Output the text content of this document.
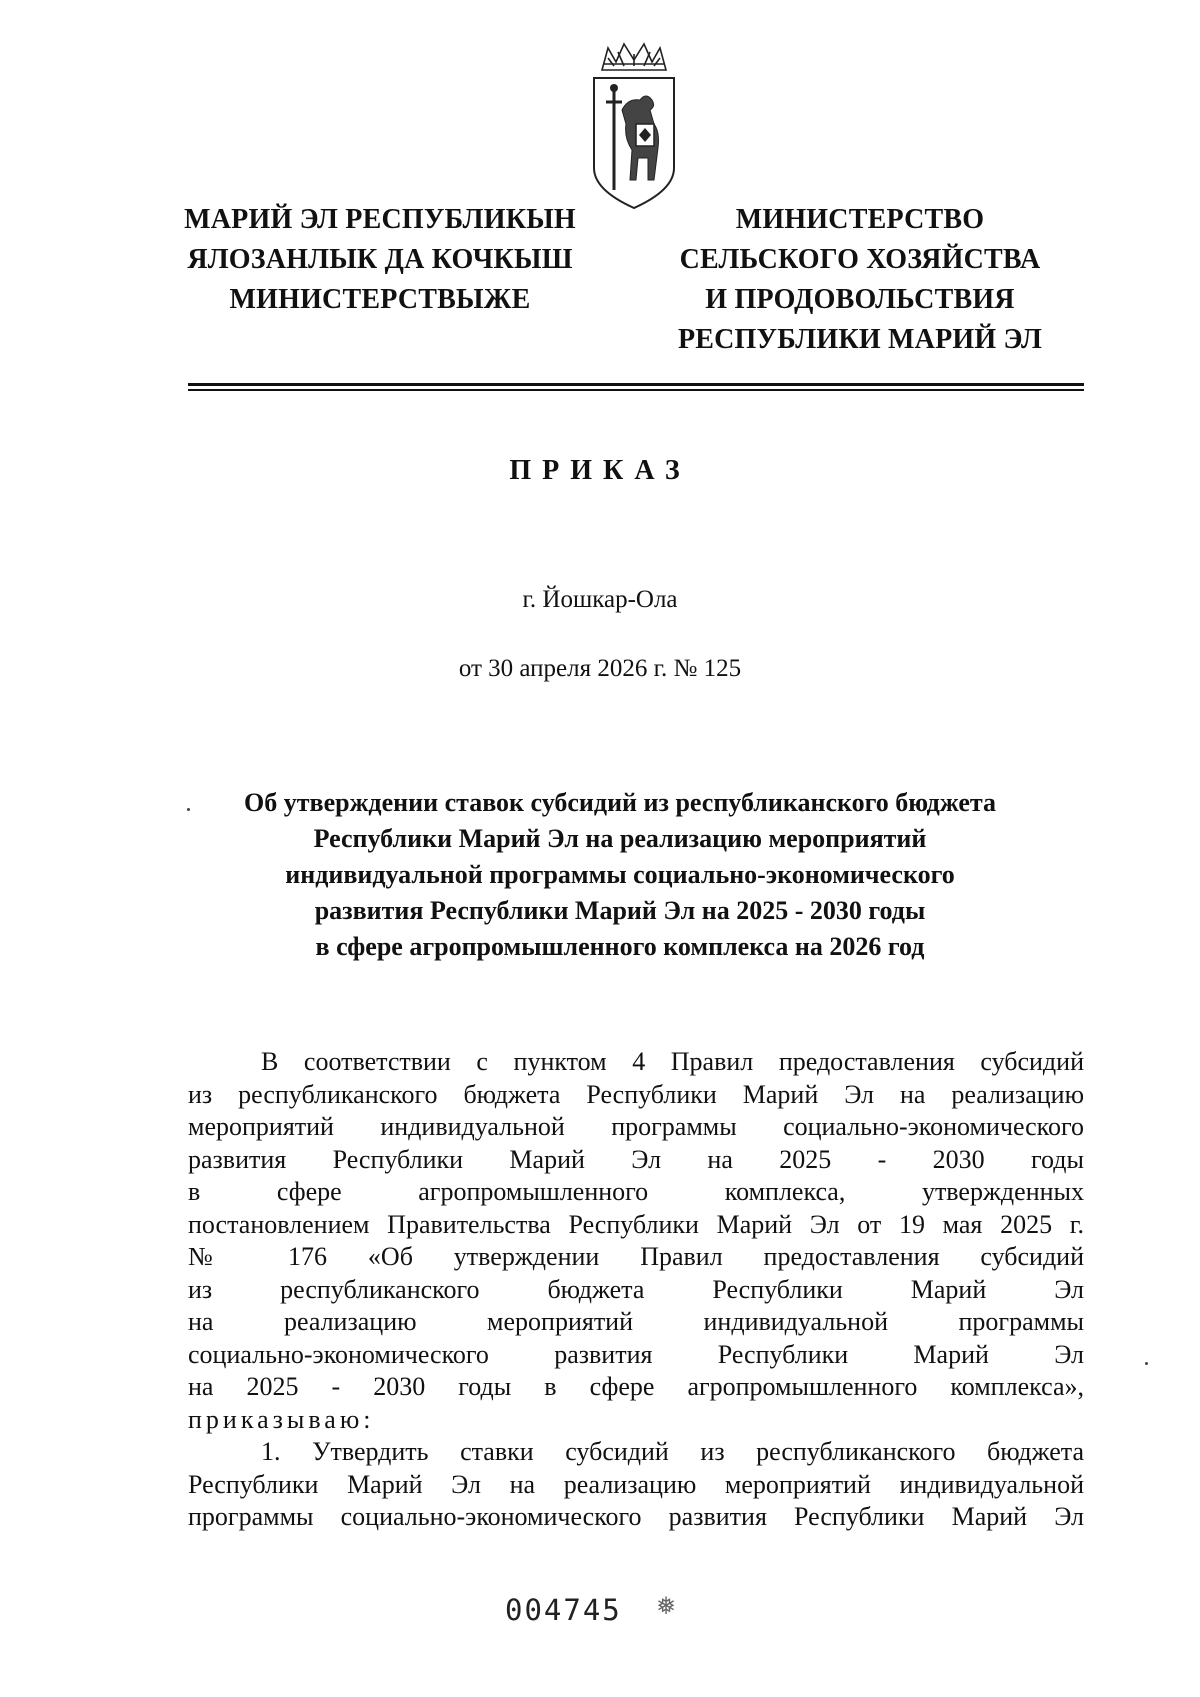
МАРИЙ ЭЛ РЕСПУБЛИКЫН
ЯЛОЗАНЛЫК ДА КОЧКЫШ
МИНИСТЕРСТВЫЖЕ
МИНИСТЕРСТВО
СЕЛЬСКОГО ХОЗЯЙСТВА
И ПРОДОВОЛЬСТВИЯ
РЕСПУБЛИКИ МАРИЙ ЭЛ
ПРИКАЗ
г. Йошкар-Ола
от 30 апреля 2026 г. № 125
Об утверждении ставок субсидий из республиканского бюджета
Республики Марий Эл на реализацию мероприятий
индивидуальной программы социально-экономического
развития Республики Марий Эл на 2025 - 2030 годы
в сфере агропромышленного комплекса на 2026 год
В соответствии с пунктом 4 Правил предоставления субсидий
из республиканского бюджета Республики Марий Эл на реализацию
мероприятий индивидуальной программы социально-экономического
развития Республики Марий Эл на 2025 - 2030 годы
в сфере агропромышленного комплекса, утвержденных
постановлением Правительства Республики Марий Эл от 19 мая 2025 г.
№ 176 «Об утверждении Правил предоставления субсидий
из республиканского бюджета Республики Марий Эл
на реализацию мероприятий индивидуальной программы
социально-экономического развития Республики Марий Эл
на 2025 - 2030 годы в сфере агропромышленного комплекса»,
приказываю:
1. Утвердить ставки субсидий из республиканского бюджета
Республики Марий Эл на реализацию мероприятий индивидуальной
программы социально-экономического развития Республики Марий Эл
004745 ❅
